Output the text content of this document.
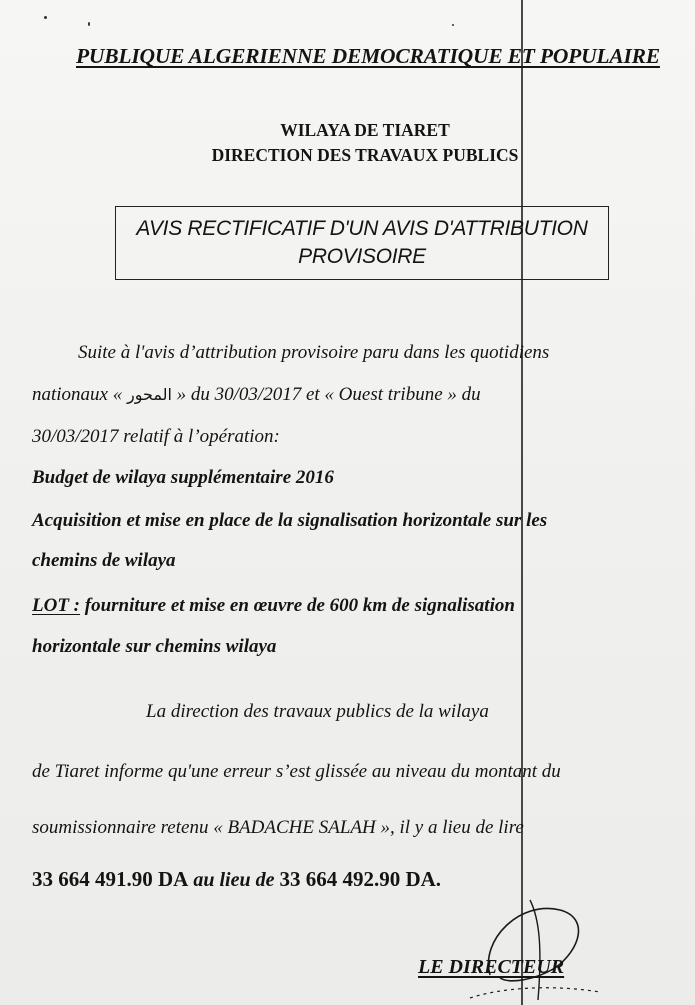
PUBLIQUE ALGERIENNE DEMOCRATIQUE ET POPULAIRE
WILAYA DE TIARET
DIRECTION DES TRAVAUX PUBLICS
AVIS RECTIFICATIF D'UN AVIS D'ATTRIBUTION
PROVISOIRE
Suite à l'avis d’attribution provisoire paru dans les quotidiens
nationaux « المحور » du 30/03/2017 et « Ouest tribune » du
30/03/2017 relatif à l’opération:
Budget de wilaya supplémentaire 2016
Acquisition et mise en place de la signalisation horizontale sur les
chemins de wilaya
LOT : fourniture et mise en œuvre de 600 km de signalisation
horizontale sur chemins wilaya
La direction des travaux publics de la wilaya
de Tiaret informe qu'une erreur s’est glissée au niveau du montant du
soumissionnaire retenu « BADACHE SALAH », il y a lieu de lire
33 664 491.90 DA au lieu de 33 664 492.90 DA.
LE DIRECTEUR
